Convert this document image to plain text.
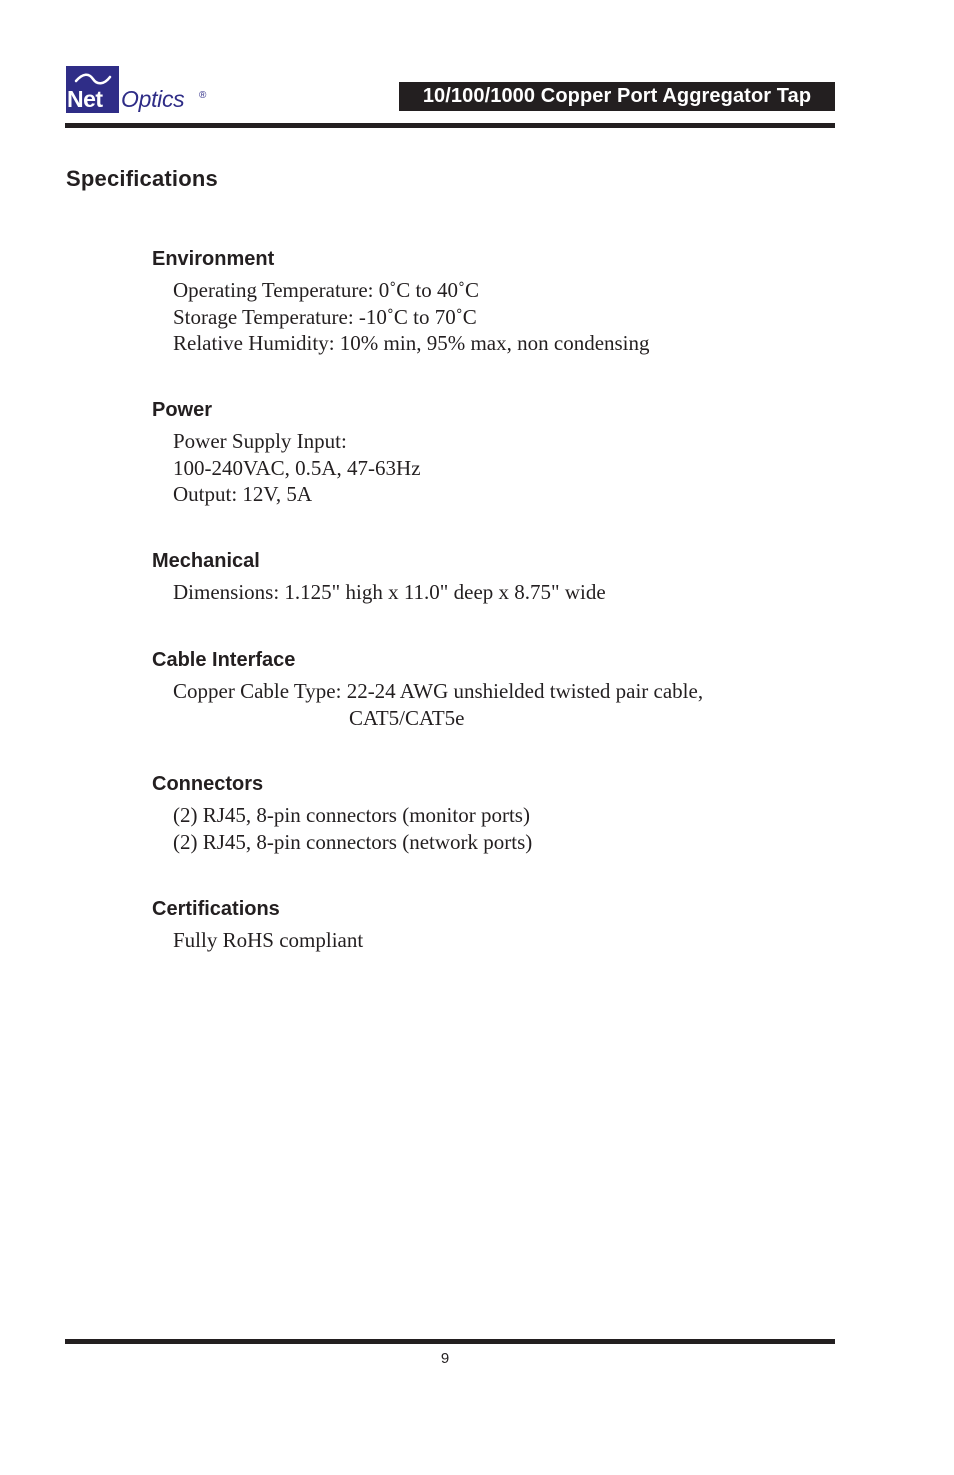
Net Optics ®	10/100/1000 Copper Port Aggregator Tap
Specifications
Environment
Operating Temperature: 0˚C to 40˚C
Storage Temperature: -10˚C to 70˚C
Relative Humidity: 10% min, 95% max, non condensing
Power
Power Supply Input:
100-240VAC, 0.5A, 47-63Hz
Output: 12V, 5A
Mechanical
Dimensions: 1.125" high x 11.0" deep x 8.75" wide
Cable Interface
Copper Cable Type: 22-24 AWG unshielded twisted pair cable,
CAT5/CAT5e
Connectors
(2) RJ45, 8-pin connectors (monitor ports)
(2) RJ45, 8-pin connectors (network ports)
Certifications
Fully RoHS compliant
9
